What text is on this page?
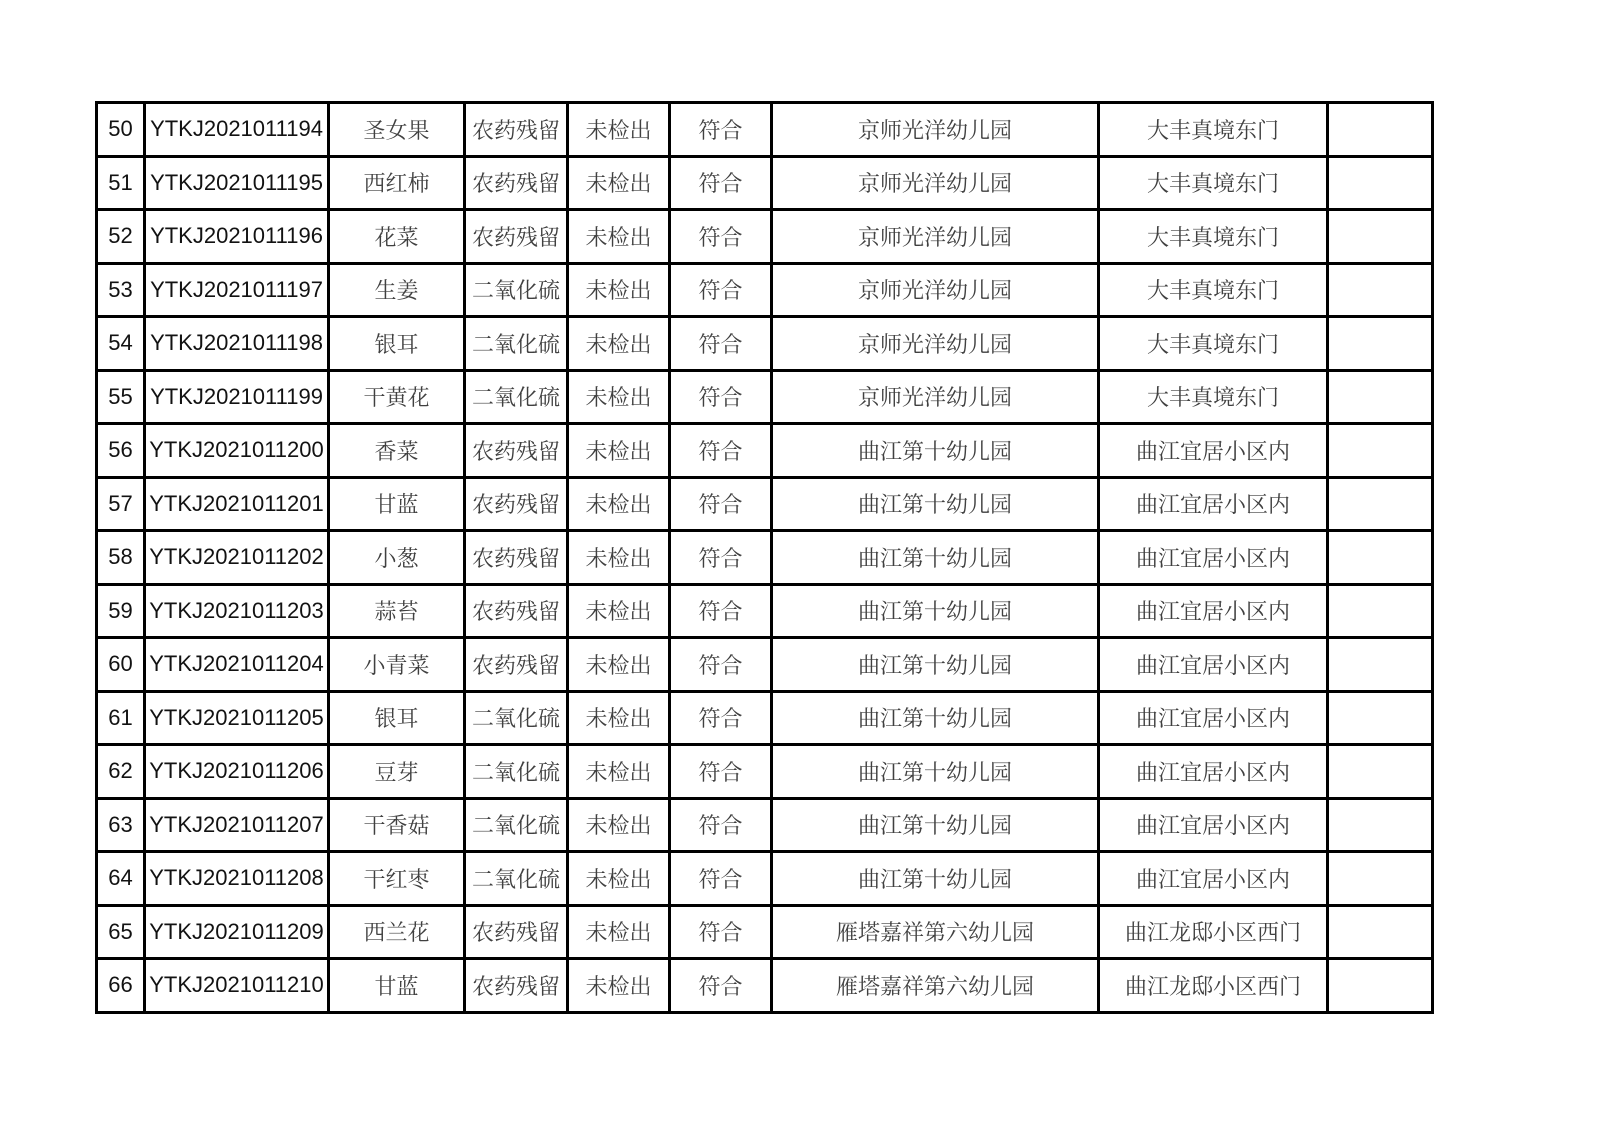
50	YTKJ2021011194	圣女果	农药残留	未检出	符合	京师光洋幼儿园	大丰真境东门	
51	YTKJ2021011195	西红柿	农药残留	未检出	符合	京师光洋幼儿园	大丰真境东门	
52	YTKJ2021011196	花菜	农药残留	未检出	符合	京师光洋幼儿园	大丰真境东门	
53	YTKJ2021011197	生姜	二氧化硫	未检出	符合	京师光洋幼儿园	大丰真境东门	
54	YTKJ2021011198	银耳	二氧化硫	未检出	符合	京师光洋幼儿园	大丰真境东门	
55	YTKJ2021011199	干黄花	二氧化硫	未检出	符合	京师光洋幼儿园	大丰真境东门	
56	YTKJ2021011200	香菜	农药残留	未检出	符合	曲江第十幼儿园	曲江宜居小区内	
57	YTKJ2021011201	甘蓝	农药残留	未检出	符合	曲江第十幼儿园	曲江宜居小区内	
58	YTKJ2021011202	小葱	农药残留	未检出	符合	曲江第十幼儿园	曲江宜居小区内	
59	YTKJ2021011203	蒜苔	农药残留	未检出	符合	曲江第十幼儿园	曲江宜居小区内	
60	YTKJ2021011204	小青菜	农药残留	未检出	符合	曲江第十幼儿园	曲江宜居小区内	
61	YTKJ2021011205	银耳	二氧化硫	未检出	符合	曲江第十幼儿园	曲江宜居小区内	
62	YTKJ2021011206	豆芽	二氧化硫	未检出	符合	曲江第十幼儿园	曲江宜居小区内	
63	YTKJ2021011207	干香菇	二氧化硫	未检出	符合	曲江第十幼儿园	曲江宜居小区内	
64	YTKJ2021011208	干红枣	二氧化硫	未检出	符合	曲江第十幼儿园	曲江宜居小区内	
65	YTKJ2021011209	西兰花	农药残留	未检出	符合	雁塔嘉祥第六幼儿园	曲江龙邸小区西门	
66	YTKJ2021011210	甘蓝	农药残留	未检出	符合	雁塔嘉祥第六幼儿园	曲江龙邸小区西门	
